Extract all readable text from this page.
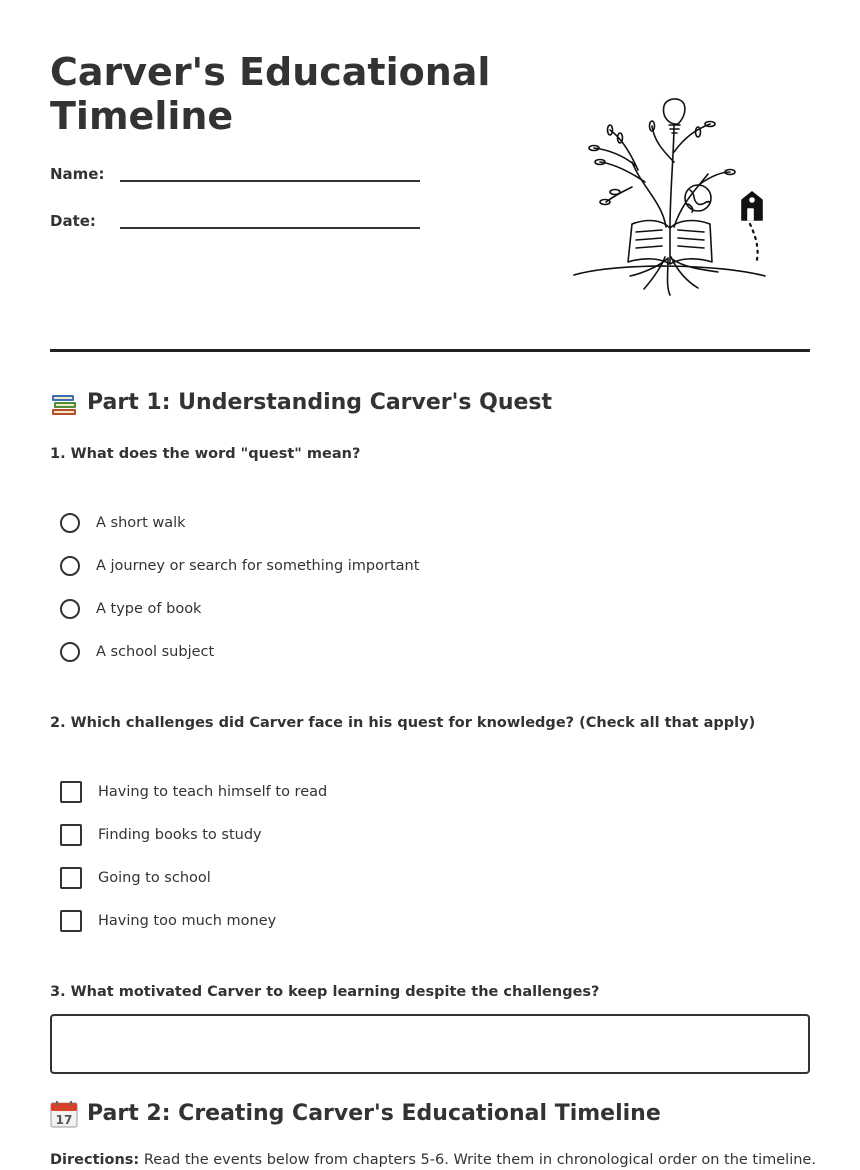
Carver's Educational Timeline
Name:
Date:
Part 1: Understanding Carver's Quest
1. What does the word "quest" mean?
A short walk
A journey or search for something important
A type of book
A school subject
2. Which challenges did Carver face in his quest for knowledge? (Check all that apply)
Having to teach himself to read
Finding books to study
Going to school
Having too much money
3. What motivated Carver to keep learning despite the challenges?
17 Part 2: Creating Carver's Educational Timeline
Directions: Read the events below from chapters 5-6. Write them in chronological order on the timeline.
